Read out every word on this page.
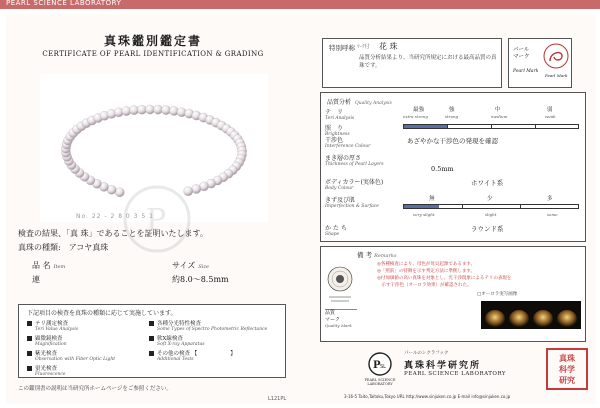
PEARL SCIENCE LABORATORY
真珠鑑別鑑定書
CERTIFICATE OF PEARL IDENTIFICATION & GRADING
P
No. 22 - 2 8 0 3 5 1
検査の結果、「真 珠」であることを証明いたします。
真珠の種類: アコヤ真珠
品 名 Item	サイズ Size
連	約8.0～8.5mm
下記項目の検査を真珠の種類に応じて実施しています。
テリ測定検査
Teri Value Analysis
各種分光特性検査
Some Types of Spectro Photometric Reflectance
顕微鏡検査
Magnification
軟X線検査
Soft X-ray Apparatus
紫光検査
Observation with Fiber Optic Light
その他の検査 【　　　　　　】
Additional Tests
蛍光検査
Fluorescence
この鑑別書の説明は当研究所ホームページをご参照ください。
L121PL
特別呼称 ﾏｰｸ付 花 珠
品質分析結果より、当研究所規定における最高品質の真珠です。
パール
マーク
Pearl Mark
Pearl Mark
品質分析 Quality Analysis
テ　リ
Teri Analysis
最強	強	中	弱
extra strong	strong	medium	weak
照　り
Brightness
干渉色
Interference Colour
あざやかな干渉色の発現を確認
まき層の厚さ
Thickness of Pearl Layers
0.5mm
ボディカラー(実体色)
Body Colour
ホワイト系
きず及び肌
Imperfection & Surface
無	少	多
very slight	slight	some
か た ち
Shape
ラウンド系
備 考 Remarks
◎各種検査により、母色が母貝起源であるます。
◎「照前」の特徴を示す判定方法に準拠します。
◎付加価値の高い真珠を対象とし、光干渉現象によるテリの表現を
　示す干渉色（オーロラ効果）が確認された。
□オーロラ実写画像
品質
マーク
Quality Mark
P SL
PEARL SCIENCE LABORATORY
パールのシクラフック
真珠科学研究所
PEARL SCIENCE LABORATORY
真珠
科学
研究
3-16-5 Taito,Taitoku,Tokyo URL http://www.sinjuken.co.jp E-mail info@sinjuken.co.jp
